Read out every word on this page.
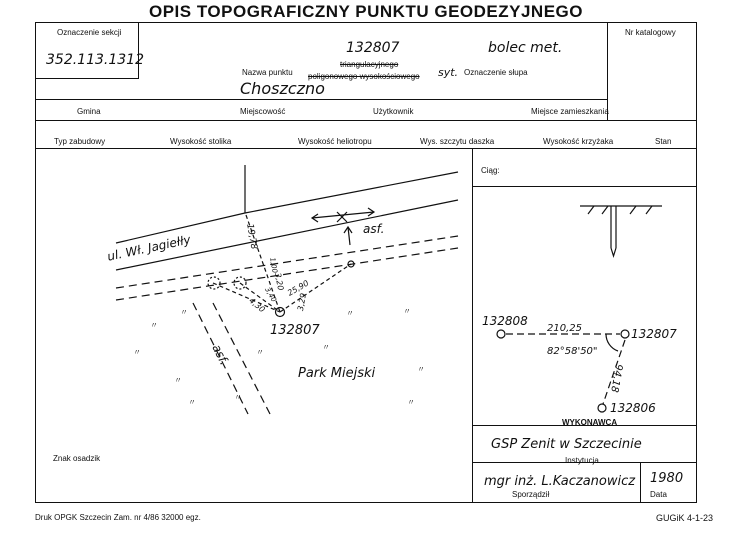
OPIS TOPOGRAFICZNY PUNKTU GEODEZYJNEGO
Oznaczenie sekcji
352.113.1312
Nr katalogowy
132807	bolec met.
Nazwa punktu
triangulacyjnego
poligonowego wysokościowego syt. Oznaczenie słupa
Choszczno
Gmina	Miejscowość	Użytkownik	Miejsce zamieszkania
Typ zabudowy	Wysokość stolika	Wysokość heliotropu	Wys. szczytu daszka	Wysokość krzyżaka	Stan
〃
〃
〃	〃
〃	〃
〃
〃
〃
〃
〃	〃
asf.
ul. Wł. Jagiełły
asf.
Park Miejski
132807
19,78
1,00
3,20 25,90
3,29
4,30
3,40
Ciąg:
132808
132807
132806
210,25
82°58'50"
94,18
WYKONAWCA
GSP Zenit w Szczecinie
Instytucja
mgr inż. L.Kaczanowicz 1980
Sporządził	Data
Znak osadzik
Druk OPGK Szczecin Zam. nr 4/86 32000 egz.	GUGiK 4-1-23
